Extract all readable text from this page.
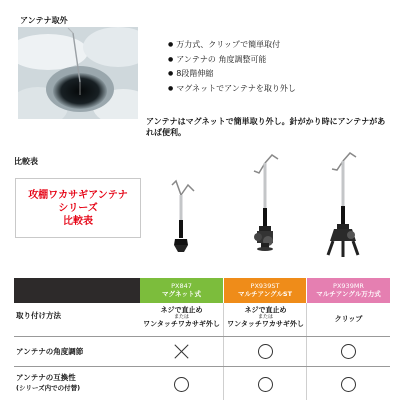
アンテナ取外
● 万力式、クリップで簡単取付
● アンテナの 角度調整可能
● 8段階伸縮
● マグネットでアンテナを取り外し
アンテナはマグネットで簡単取り外し。針がかり時にアンテナがあれば便利。
比較表
攻棚ワカサギアンテナ
シリーズ
比較表
PX847
マグネット式
PX939ST
マルチアングルST
PX939MR
マルチアングル万力式
取り付け方法
ネジで直止め
または
ワンタッチワカサギ外し
ネジで直止め
または
ワンタッチワカサギ外し
クリップ
アンテナの角度調節
アンテナの互換性
(シリーズ内での付替)
